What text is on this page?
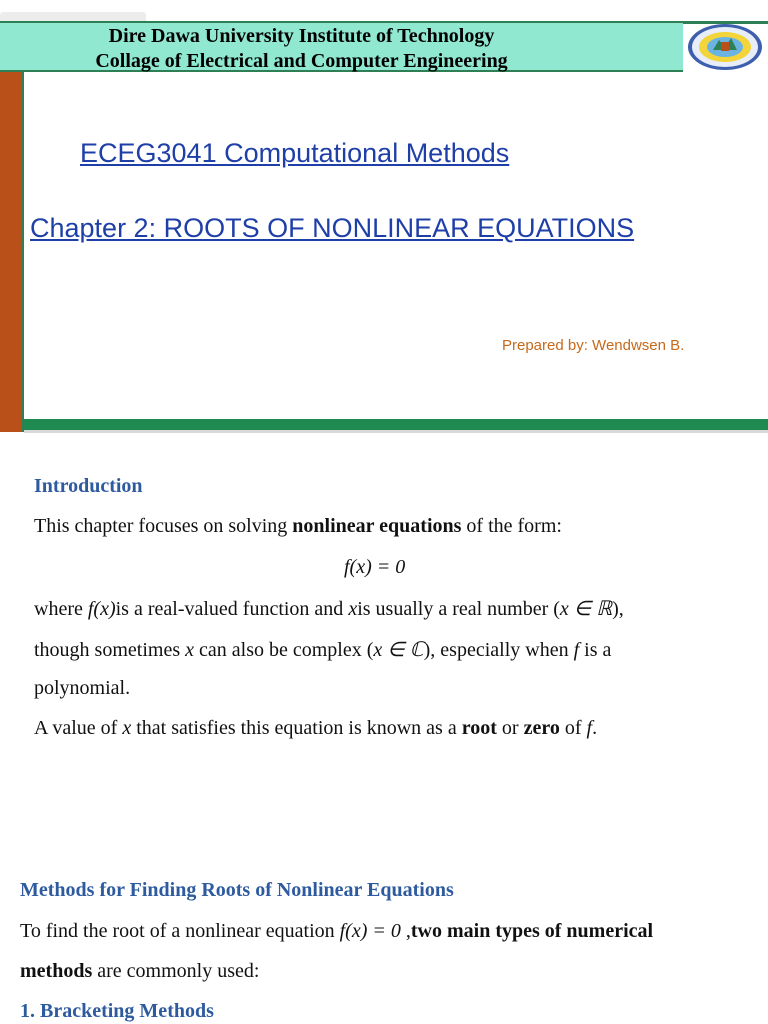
Dire Dawa University Institute of Technology
Collage of Electrical and Computer Engineering
ECEG3041 Computational Methods
Chapter 2: ROOTS OF NONLINEAR EQUATIONS
Prepared by: Wendwsen B.
Introduction
This chapter focuses on solving nonlinear equations of the form:
f(x) = 0
where f(x)is a real-valued function and xis usually a real number (x ∈ ℝ),
though sometimes x can also be complex (x ∈ ℂ), especially when f is a
polynomial.
A value of x that satisfies this equation is known as a root or zero of f.
Methods for Finding Roots of Nonlinear Equations
To find the root of a nonlinear equation f(x) = 0 ,two main types of numerical
methods are commonly used:
1. Bracketing Methods
